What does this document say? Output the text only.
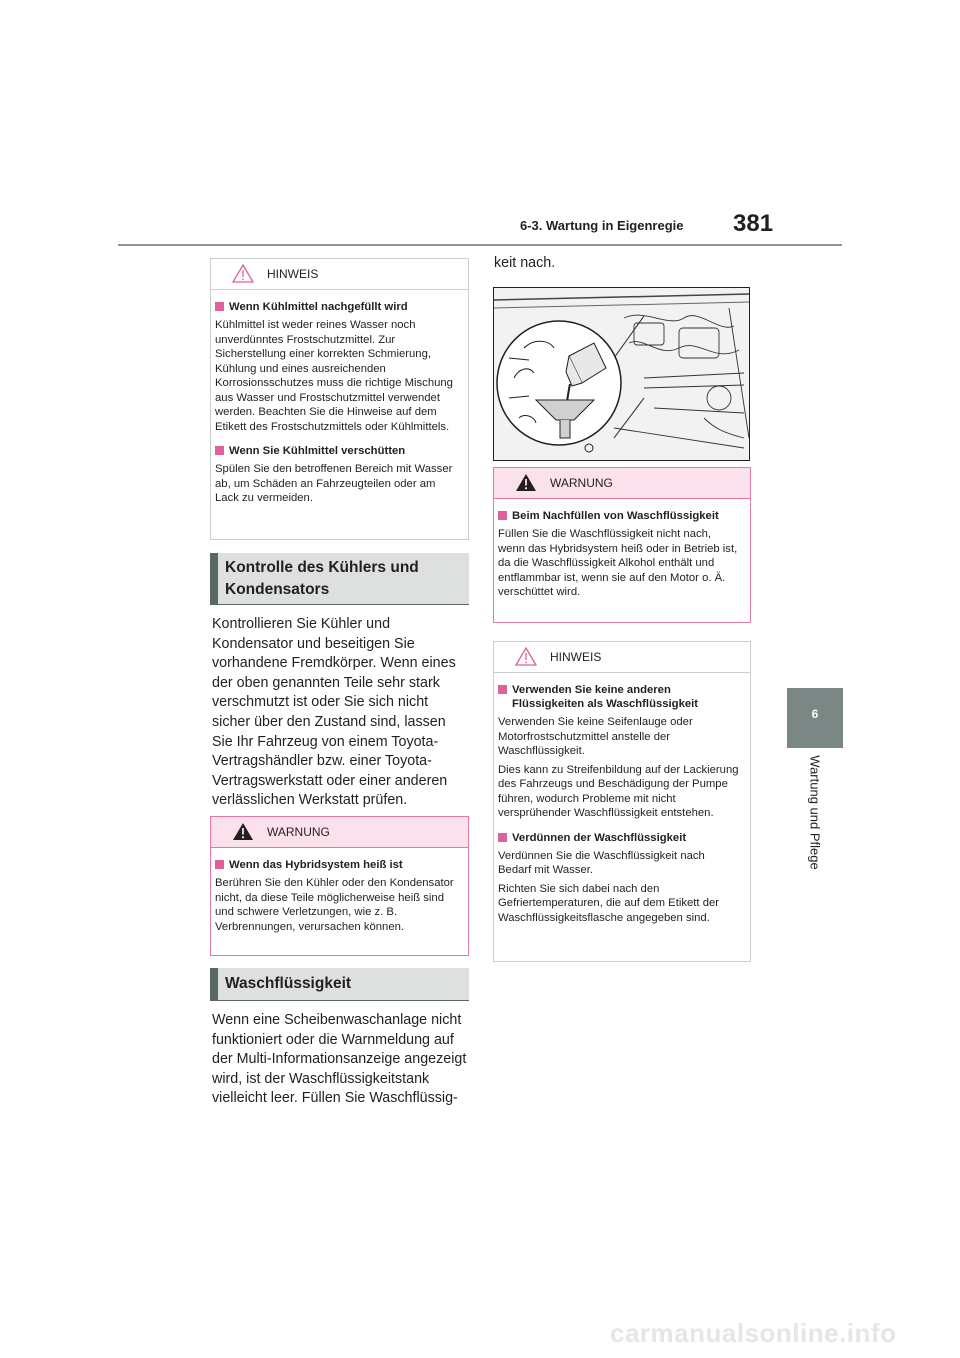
6-3. Wartung in Eigenregie 381
6
Wartung und Pflege
HINWEIS
Wenn Kühlmittel nachgefüllt wird

Kühlmittel ist weder reines Wasser noch unverdünntes Frostschutzmittel. Zur Sicherstellung einer korrekten Schmierung, Kühlung und eines ausreichenden Korrosionsschutzes muss die richtige Mischung aus Wasser und Frostschutzmittel verwendet werden. Beachten Sie die Hinweise auf dem Etikett des Frostschutzmittels oder Kühlmittels.

Wenn Sie Kühlmittel verschütten

Spülen Sie den betroffenen Bereich mit Wasser ab, um Schäden an Fahrzeugteilen oder am Lack zu vermeiden.

Kontrolle des Kühlers und
Kondensators

Kontrollieren Sie Kühler und Kondensator und beseitigen Sie vorhandene Fremdkörper. Wenn eines der oben genannten Teile sehr stark verschmutzt ist oder Sie sich nicht sicher über den Zustand sind, lassen Sie Ihr Fahrzeug von einem Toyota-Vertragshändler bzw. einer Toyota-Vertragswerkstatt oder einer anderen verlässlichen Werkstatt prüfen.

WARNUNG
Wenn das Hybridsystem heiß ist

Berühren Sie den Kühler oder den Kondensator nicht, da diese Teile möglicherweise heiß sind und schwere Verletzungen, wie z. B. Verbrennungen, verursachen können.

Waschflüssigkeit

Wenn eine Scheibenwaschanlage nicht funktioniert oder die Warnmeldung auf der Multi-Informationsanzeige angezeigt wird, ist der Waschflüssigkeitstank vielleicht leer. Füllen Sie Waschflüssig-

keit nach.

WARNUNG
Beim Nachfüllen von Waschflüssigkeit

Füllen Sie die Waschflüssigkeit nicht nach, wenn das Hybridsystem heiß oder in Betrieb ist, da die Waschflüssigkeit Alkohol enthält und entflammbar ist, wenn sie auf den Motor o. Ä. verschüttet wird.

HINWEIS
Verwenden Sie keine anderen Flüssigkeiten als Waschflüssigkeit

Verwenden Sie keine Seifenlauge oder Motorfrostschutzmittel anstelle der Waschflüssigkeit.

Dies kann zu Streifenbildung auf der Lackierung des Fahrzeugs und Beschädigung der Pumpe führen, wodurch Probleme mit nicht versprühender Waschflüssigkeit entstehen.

Verdünnen der Waschflüssigkeit

Verdünnen Sie die Waschflüssigkeit nach Bedarf mit Wasser.

Richten Sie sich dabei nach den Gefriertemperaturen, die auf dem Etikett der Waschflüssigkeitsflasche angegeben sind.

carmanualsonline.info
